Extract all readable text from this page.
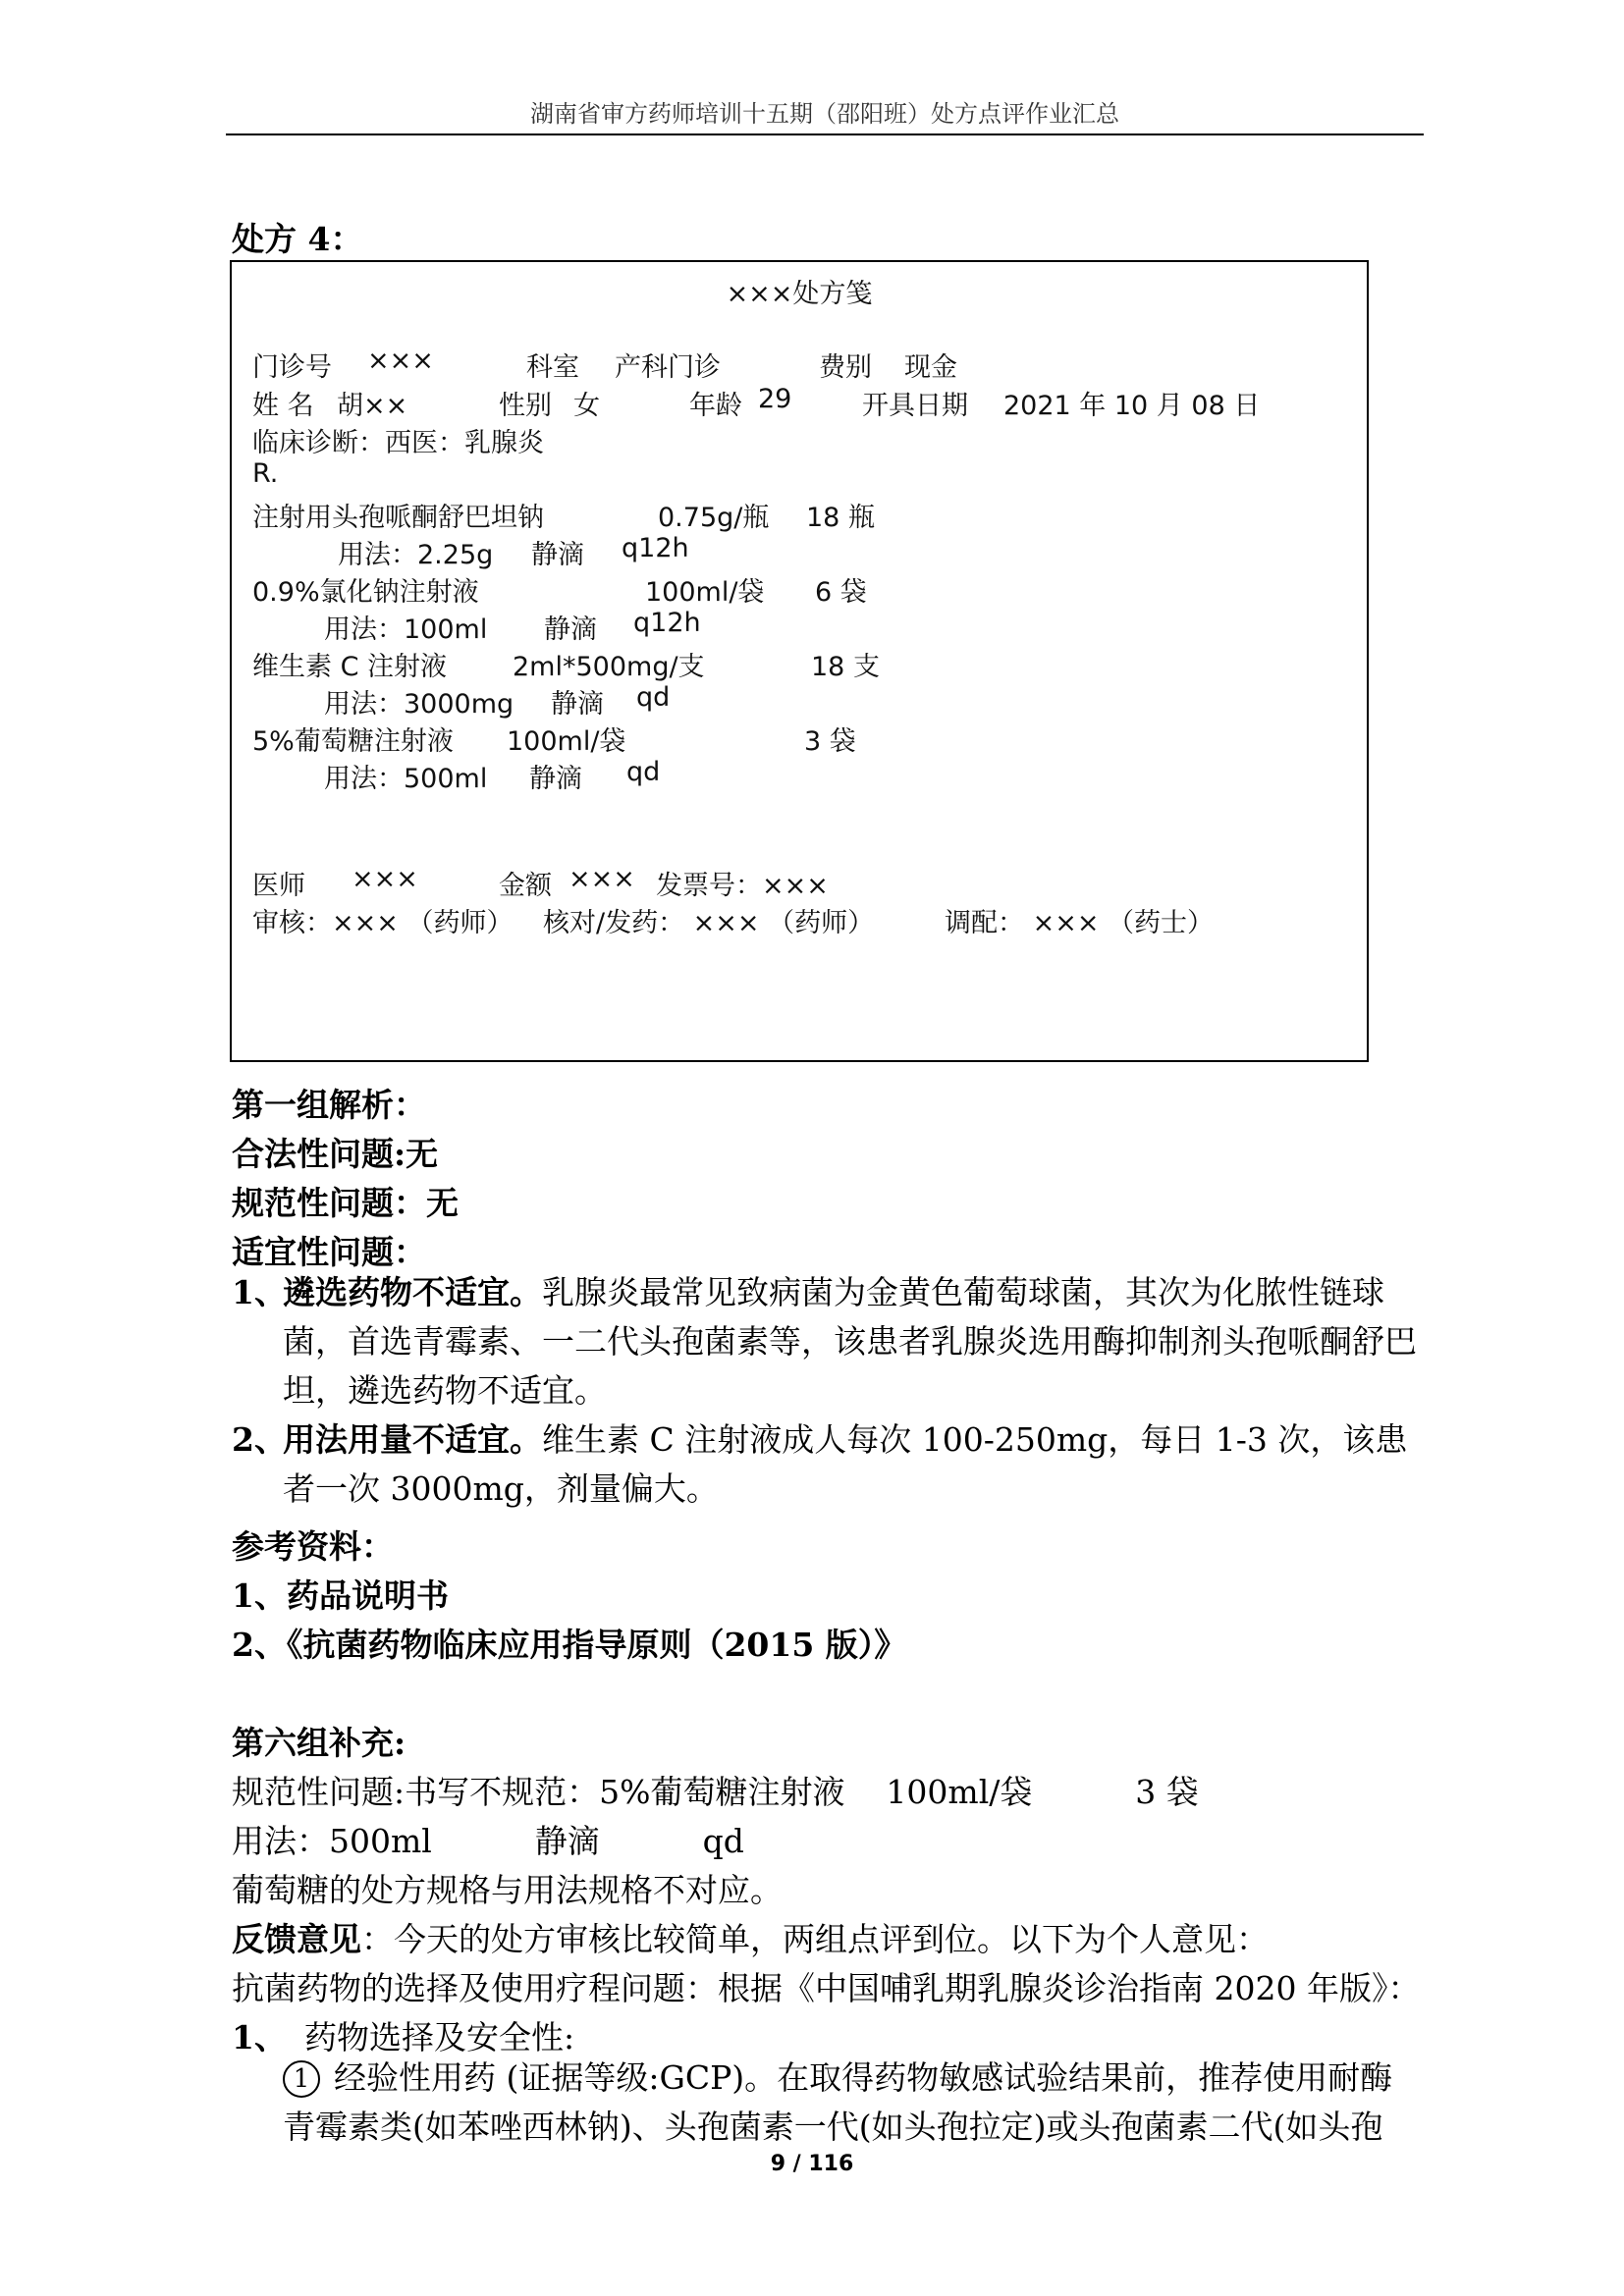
湖南省审方药师培训十五期（邵阳班）处方点评作业汇总
处方 4：
×××处方笺
门诊号 ×××	科室 产科门诊	费别 现金
姓 名 胡××	性别 女	年龄 29	开具日期 2021 年 10 月 08 日
临床诊断：西医：乳腺炎
R.
注射用头孢哌酮舒巴坦钠	0.75g/瓶 18 瓶
用法：2.25g 静滴 q12h
0.9%氯化钠注射液	100ml/袋 6 袋
用法：100ml 静滴 q12h
维生素 C 注射液 2ml*500mg/支	18 支
用法：3000mg 静滴 qd
5%葡萄糖注射液 100ml/袋	3 袋
用法：500ml 静滴 qd
医师 ×××	金额 ××× 发票号：×××
审核：××× （药师） 核对/发药： ××× （药师）	调配： ××× （药士）
第一组解析：
合法性问题:无
规范性问题：无
适宜性问题：
1、
遴选药物不适宜。乳腺炎最常见致病菌为金黄色葡萄球菌，其次为化脓性链球菌，首选青霉素、一二代头孢菌素等，该患者乳腺炎选用酶抑制剂头孢哌酮舒巴坦，遴选药物不适宜。
2、
用法用量不适宜。维生素 C 注射液成人每次 100-250mg，每日 1-3 次，该患者一次 3000mg，剂量偏大。
参考资料：
1、药品说明书
2、《抗菌药物临床应用指导原则（2015 版）》
第六组补充:
规范性问题:书写不规范：5%葡萄糖注射液    100ml/袋          3 袋
用法：500ml          静滴          qd
葡萄糖的处方规格与用法规格不对应。
反馈意见：今天的处方审核比较简单，两组点评到位。以下为个人意见：
抗菌药物的选择及使用疗程问题：根据《中国哺乳期乳腺炎诊治指南 2020 年版》：
1、 药物选择及安全性:
1 经验性用药 (证据等级:GCP)。在取得药物敏感试验结果前，推荐使用耐酶青霉素类(如苯唑西林钠)、头孢菌素一代(如头孢拉定)或头孢菌素二代(如头孢
9 / 116
